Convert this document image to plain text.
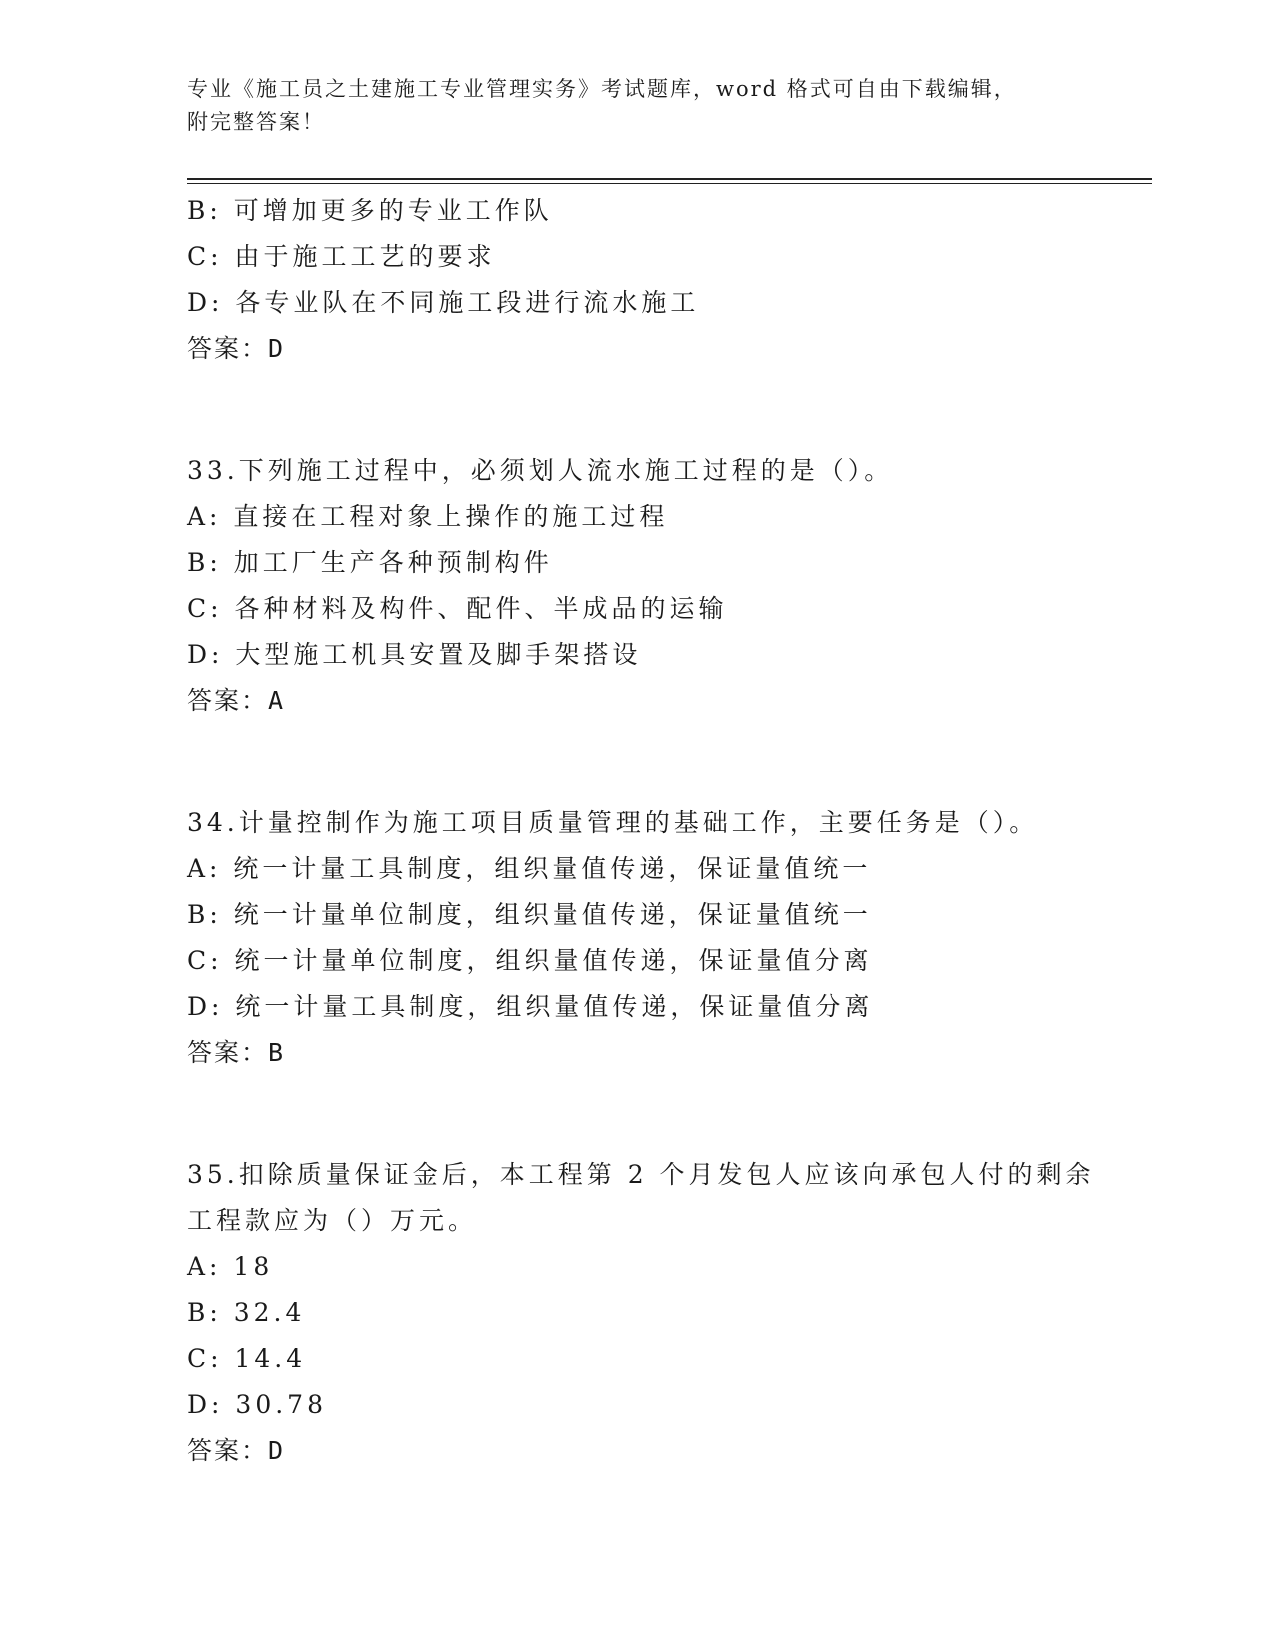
专业《施工员之土建施工专业管理实务》考试题库，word 格式可自由下载编辑，
附完整答案！
B: 可增加更多的专业工作队
C: 由于施工工艺的要求
D: 各专业队在不同施工段进行流水施工
答案：D
33.下列施工过程中，必须划人流水施工过程的是（）。
A: 直接在工程对象上操作的施工过程
B: 加工厂生产各种预制构件
C: 各种材料及构件、配件、半成品的运输
D: 大型施工机具安置及脚手架搭设
答案：A
34.计量控制作为施工项目质量管理的基础工作，主要任务是（）。
A: 统一计量工具制度，组织量值传递，保证量值统一
B: 统一计量单位制度，组织量值传递，保证量值统一
C: 统一计量单位制度，组织量值传递，保证量值分离
D: 统一计量工具制度，组织量值传递，保证量值分离
答案：B
35.扣除质量保证金后，本工程第 2 个月发包人应该向承包人付的剩余
工程款应为（）万元。
A: 18
B: 32.4
C: 14.4
D: 30.78
答案：D
